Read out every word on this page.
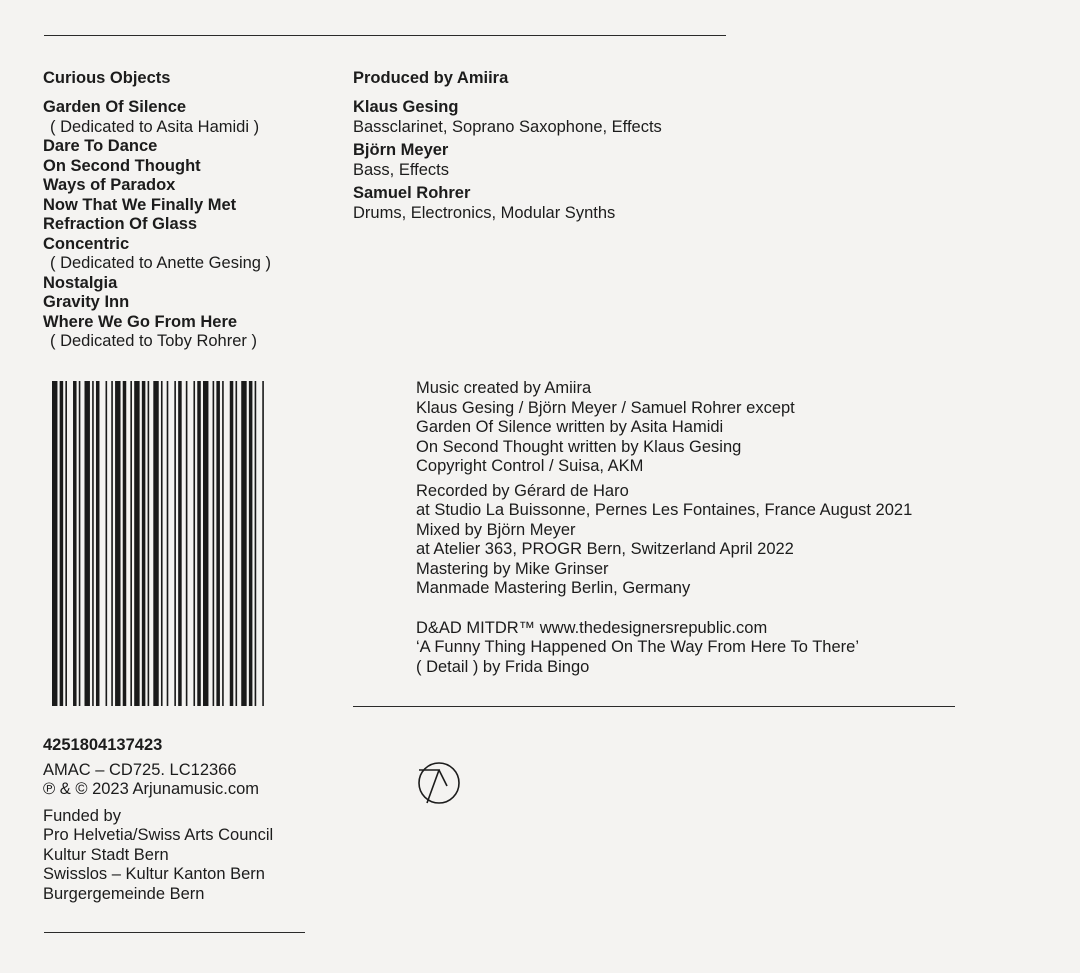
Curious Objects
Garden Of Silence
( Dedicated to Asita Hamidi )
Dare To Dance
On Second Thought
Ways of Paradox
Now That We Finally Met
Refraction Of Glass
Concentric
( Dedicated to Anette Gesing )
Nostalgia
Gravity Inn
Where We Go From Here
( Dedicated to Toby Rohrer )
Produced by Amiira
Klaus Gesing
Bassclarinet, Soprano Saxophone, Effects
Björn Meyer
Bass, Effects
Samuel Rohrer
Drums, Electronics, Modular Synths
Music created by Amiira
Klaus Gesing / Björn Meyer / Samuel Rohrer except
Garden Of Silence written by Asita Hamidi
On Second Thought written by Klaus Gesing
Copyright Control / Suisa, AKM
Recorded by Gérard de Haro
at Studio La Buissonne, Pernes Les Fontaines, France August 2021
Mixed by Björn Meyer
at Atelier 363, PROGR Bern, Switzerland April 2022
Mastering by Mike Grinser
Manmade Mastering Berlin, Germany
D&AD MITDR™ www.thedesignersrepublic.com
‘A Funny Thing Happened On The Way From Here To There’
( Detail ) by Frida Bingo
4251804137423
AMAC – CD725. LC12366
℗ & © 2023 Arjunamusic.com
Funded by
Pro Helvetia/Swiss Arts Council
Kultur Stadt Bern
Swisslos – Kultur Kanton Bern
Burgergemeinde Bern
